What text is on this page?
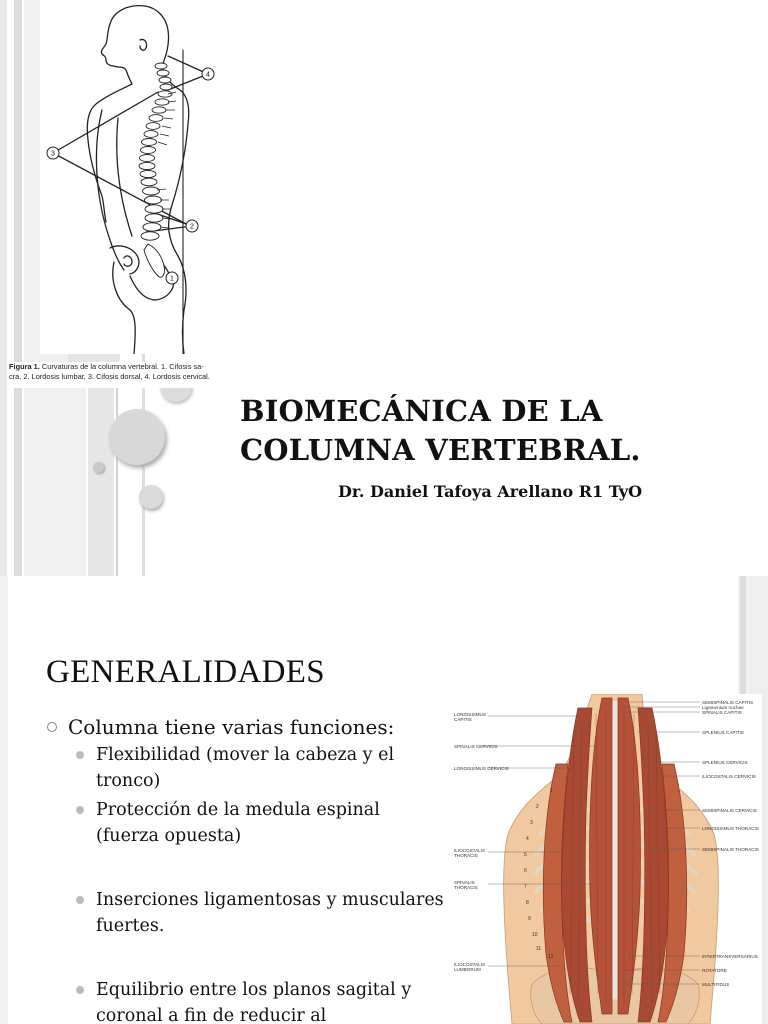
4
3
2
1
Figura 1. Curvaturas de la columna vertebral. 1. Cifosis sa-
cra, 2. Lordosis lumbar, 3. Cifosis dorsal, 4. Lordosis cervical.
BIOMECÁNICA DE LA
COLUMNA VERTEBRAL.
Dr. Daniel Tafoya Arellano R1 TyO
GENERALIDADES
Columna tiene varias funciones:
Flexibilidad (mover la cabeza y el tronco)
Protección de la medula espinal (fuerza opuesta)
Inserciones ligamentosas y musculares fuertes.
Equilibrio entre los planos sagital y coronal a fin de reducir al
1
2
3
4
5
6
7
8
9
10
11
12
LONGISSIMUS CAPITIS
SPINALIS CERVICIS
LONGISSIMUS CERVICIS
ILIOCOSTALIS THORACIS
SPINALIS THORACIS
ILIOCOSTALIS LUMBORUM
SEMISPINALIS CAPITIS
Ligamentum nuchae
SPINALIS CAPITIS
SPLENIUS CAPITIS
SPLENIUS CERVICIS
ILIOCOSTALIS CERVICIS
SEMISPINALIS CERVICIS
LONGISSIMUS THORACIS
SEMISPINALIS THORACIS
INTERTRANSVERSARIUS
ROTATORE
MULTIFIDUS
